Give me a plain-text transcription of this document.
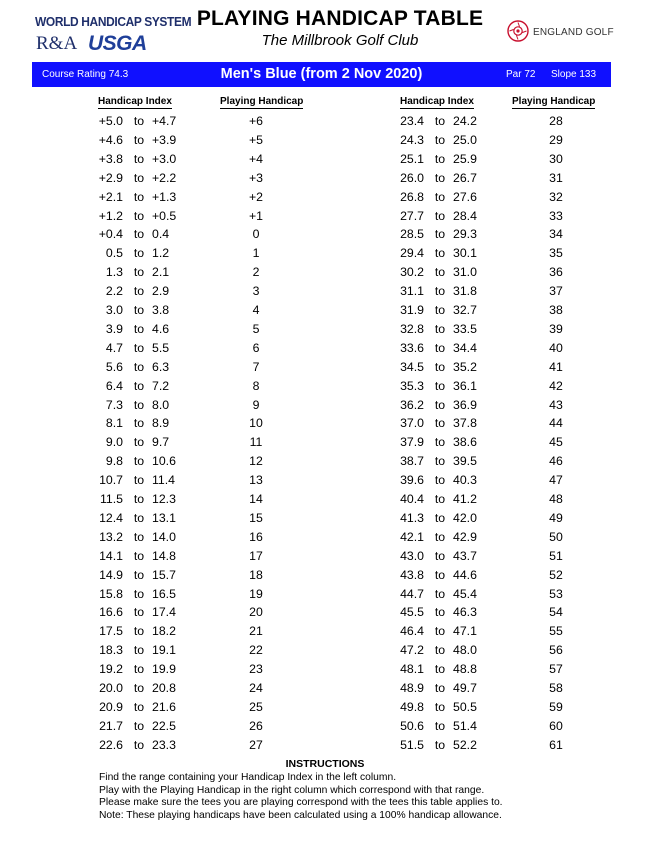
WORLD HANDICAP SYSTEM
R&A USGA
PLAYING HANDICAP TABLE
The Millbrook Golf Club	ENGLAND GOLF
Course Rating 74.3	Men's Blue (from 2 Nov 2020)	Par 72 Slope 133
Handicap Index	Playing Handicap	Handicap Index	Playing Handicap
+5.0 to +4.7	+6	23.4 to 24.2	28
+4.6 to +3.9	+5	24.3 to 25.0	29
+3.8 to +3.0	+4	25.1 to 25.9	30
+2.9 to +2.2	+3	26.0 to 26.7	31
+2.1 to +1.3	+2	26.8 to 27.6	32
+1.2 to +0.5	+1	27.7 to 28.4	33
+0.4 to 0.4	0	28.5 to 29.3	34
0.5 to 1.2	1	29.4 to 30.1	35
1.3 to 2.1	2	30.2 to 31.0	36
2.2 to 2.9	3	31.1 to 31.8	37
3.0 to 3.8	4	31.9 to 32.7	38
3.9 to 4.6	5	32.8 to 33.5	39
4.7 to 5.5	6	33.6 to 34.4	40
5.6 to 6.3	7	34.5 to 35.2	41
6.4 to 7.2	8	35.3 to 36.1	42
7.3 to 8.0	9	36.2 to 36.9	43
8.1 to 8.9	10	37.0 to 37.8	44
9.0 to 9.7	11	37.9 to 38.6	45
9.8 to 10.6	12	38.7 to 39.5	46
10.7 to 11.4	13	39.6 to 40.3	47
11.5 to 12.3	14	40.4 to 41.2	48
12.4 to 13.1	15	41.3 to 42.0	49
13.2 to 14.0	16	42.1 to 42.9	50
14.1 to 14.8	17	43.0 to 43.7	51
14.9 to 15.7	18	43.8 to 44.6	52
15.8 to 16.5	19	44.7 to 45.4	53
16.6 to 17.4	20	45.5 to 46.3	54
17.5 to 18.2	21	46.4 to 47.1	55
18.3 to 19.1	22	47.2 to 48.0	56
19.2 to 19.9	23	48.1 to 48.8	57
20.0 to 20.8	24	48.9 to 49.7	58
20.9 to 21.6	25	49.8 to 50.5	59
21.7 to 22.5	26	50.6 to 51.4	60
22.6 to 23.3	27	51.5 to 52.2	61
INSTRUCTIONS
Find the range containing your Handicap Index in the left column.
Play with the Playing Handicap in the right column which correspond with that range.
Please make sure the tees you are playing correspond with the tees this table applies to.
Note: These playing handicaps have been calculated using a 100% handicap allowance.
